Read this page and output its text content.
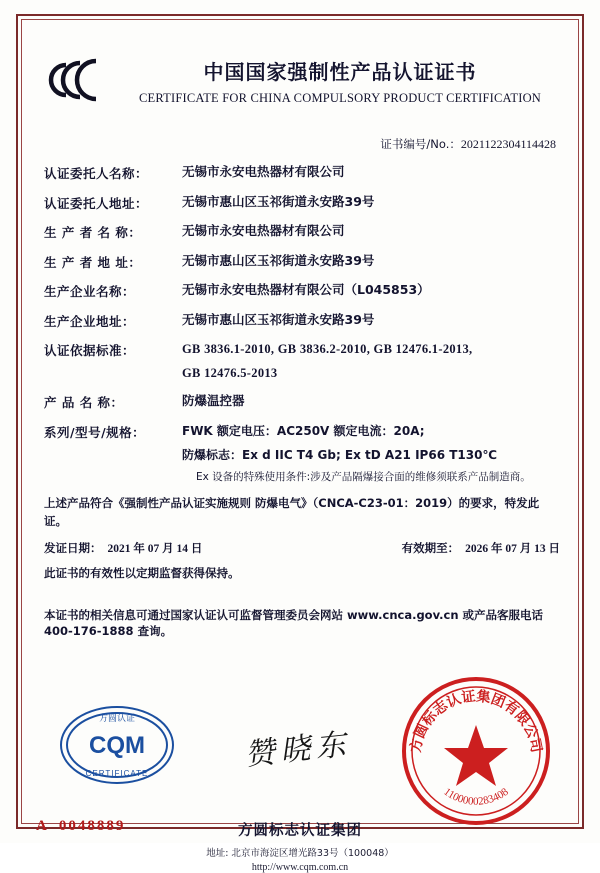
中国国家强制性产品认证证书
CERTIFICATE FOR CHINA COMPULSORY PRODUCT CERTIFICATION
证书编号/No.：2021122304114428
认证委托人名称：	无锡市永安电热器材有限公司
认证委托人地址：	无锡市惠山区玉祁街道永安路39号
生 产 者 名 称：	无锡市永安电热器材有限公司
生 产 者 地 址：	无锡市惠山区玉祁街道永安路39号
生产企业名称：	无锡市永安电热器材有限公司（L045853）
生产企业地址：	无锡市惠山区玉祁街道永安路39号
认证依据标准：	GB 3836.1-2010, GB 3836.2-2010, GB 12476.1-2013,
GB 12476.5-2013
产 品 名 称：	防爆温控器
系列/型号/规格：	FWK 额定电压：AC250V 额定电流：20A;
防爆标志：Ex d IIC T4 Gb; Ex tD A21 IP66 T130℃
Ex 设备的特殊使用条件:涉及产品隔爆接合面的维修须联系产品制造商。
上述产品符合《强制性产品认证实施规则 防爆电气》（CNCA-C23-01：2019）的要求，特发此证。
发证日期： 2021 年 07 月 14 日	有效期至： 2026 年 07 月 13 日
此证书的有效性以定期监督获得保持。
本证书的相关信息可通过国家认证认可监督管理委员会网站 www.cnca.gov.cn 或产品客服电话 400-176-1888 查询。
方圆认证
CQM
CERTIFICATE
赞 晓 东	方圆标志认证集团有限公司
1100000283408
方圆标志认证集团
地址: 北京市海淀区增光路33号（100048）
http://www.cqm.com.cn
A 0048889
